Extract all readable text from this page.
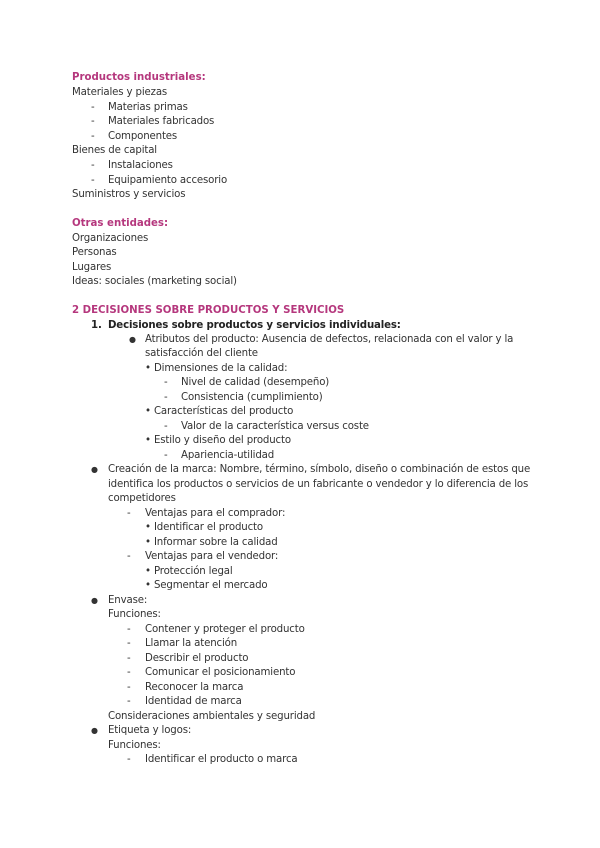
Productos industriales:
Materiales y piezas
- Materias primas
- Materiales fabricados
- Componentes
Bienes de capital
- Instalaciones
- Equipamiento accesorio
Suministros y servicios
Otras entidades:
Organizaciones
Personas
Lugares
Ideas: sociales (marketing social)
2 DECISIONES SOBRE PRODUCTOS Y SERVICIOS
1. Decisiones sobre productos y servicios individuales:
● Atributos del producto: Ausencia de defectos, relacionada con el valor y la
satisfacción del cliente
• Dimensiones de la calidad:
- Nivel de calidad (desempeño)
- Consistencia (cumplimiento)
• Características del producto
- Valor de la característica versus coste
• Estilo y diseño del producto
- Apariencia-utilidad
● Creación de la marca: Nombre, término, símbolo, diseño o combinación de estos que
identifica los productos o servicios de un fabricante o vendedor y lo diferencia de los
competidores
- Ventajas para el comprador:
• Identificar el producto
• Informar sobre la calidad
- Ventajas para el vendedor:
• Protección legal
• Segmentar el mercado
● Envase:
Funciones:
- Contener y proteger el producto
- Llamar la atención
- Describir el producto
- Comunicar el posicionamiento
- Reconocer la marca
- Identidad de marca
Consideraciones ambientales y seguridad
● Etiqueta y logos:
Funciones:
- Identificar el producto o marca
